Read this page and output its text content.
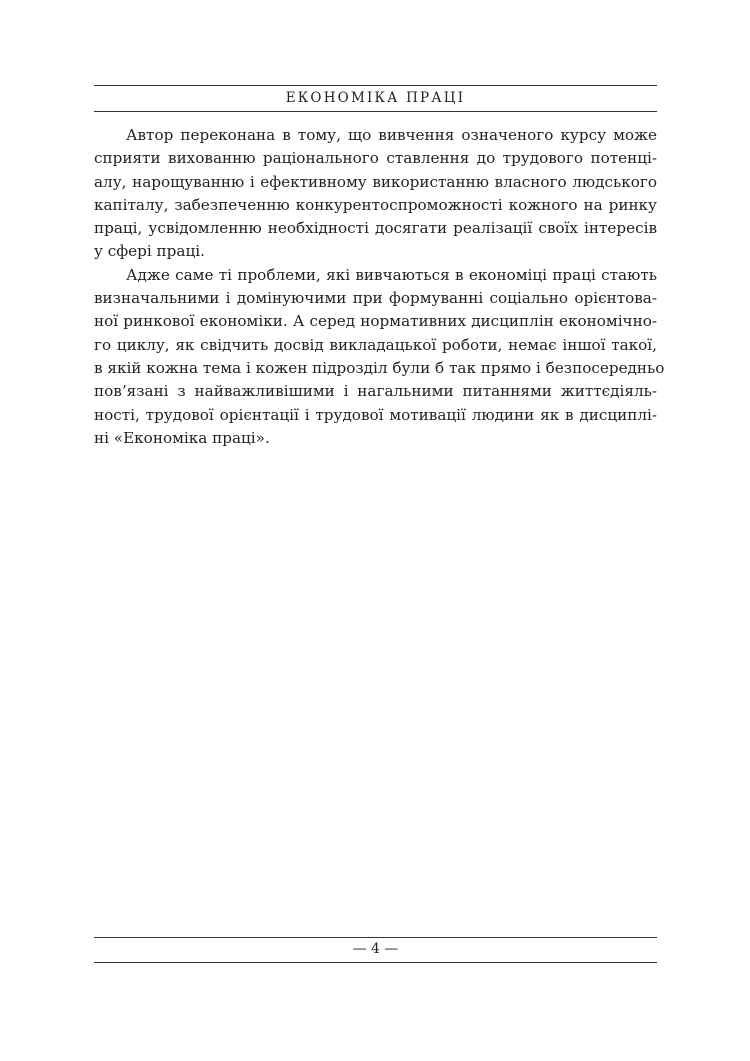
ЕКОНОМІКА ПРАЦІ

Автор переконана в тому, що вивчення означеного курсу може
сприяти вихованню раціонального ставлення до трудового потенці-
алу, нарощуванню і ефективному використанню власного людського
капіталу, забезпеченню конкурентоспроможності кожного на ринку
праці, усвідомленню необхідності досягати реалізації своїх інтересів
у сфері праці.

Адже саме ті проблеми, які вивчаються в економіці праці стають
визначальними і домінуючими при формуванні соціально орієнтова-
ної ринкової економіки. А серед нормативних дисциплін економічно-
го циклу, як свідчить досвід викладацької роботи, немає іншої такої,
в якій кожна тема і кожен підрозділ були б так прямо і безпосередньо
пов’язані з найважливішими і нагальними питаннями життєдіяль-
ності, трудової орієнтації і трудової мотивації людини як в дисциплі-
ні «Економіка праці».

— 4 —
